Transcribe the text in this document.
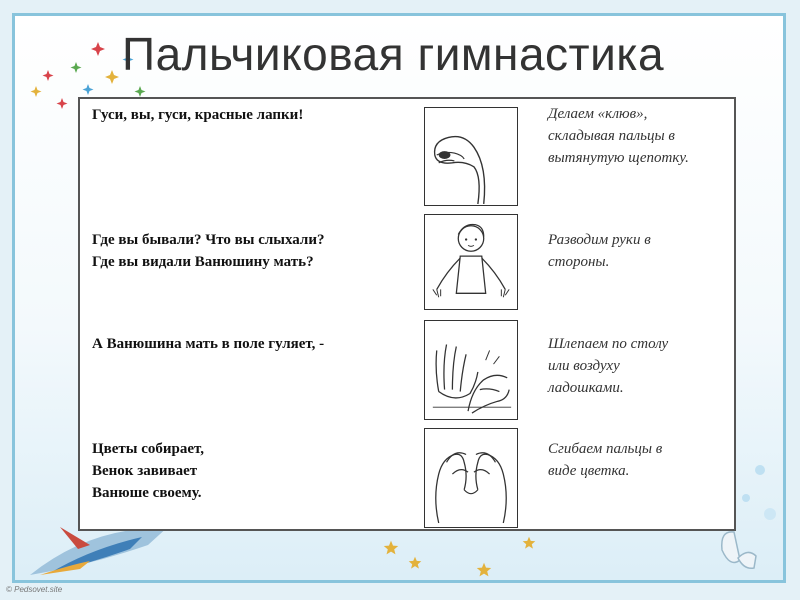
Пальчиковая гимнастика
Гуси, вы, гуси, красные лапки!	Делаем «клюв»,
складывая пальцы в
вытянутую щепотку.
Где вы бывали? Что вы слыхали?
Где вы видали Ванюшину мать?
Разводим руки в
стороны.
А Ванюшина мать в поле гуляет, -	Шлепаем по столу
или воздуху
ладошками.
Цветы собирает,
Венок завивает
Ванюше своему.
Сгибаем пальцы в
виде цветка.
© Pedsovet.site
